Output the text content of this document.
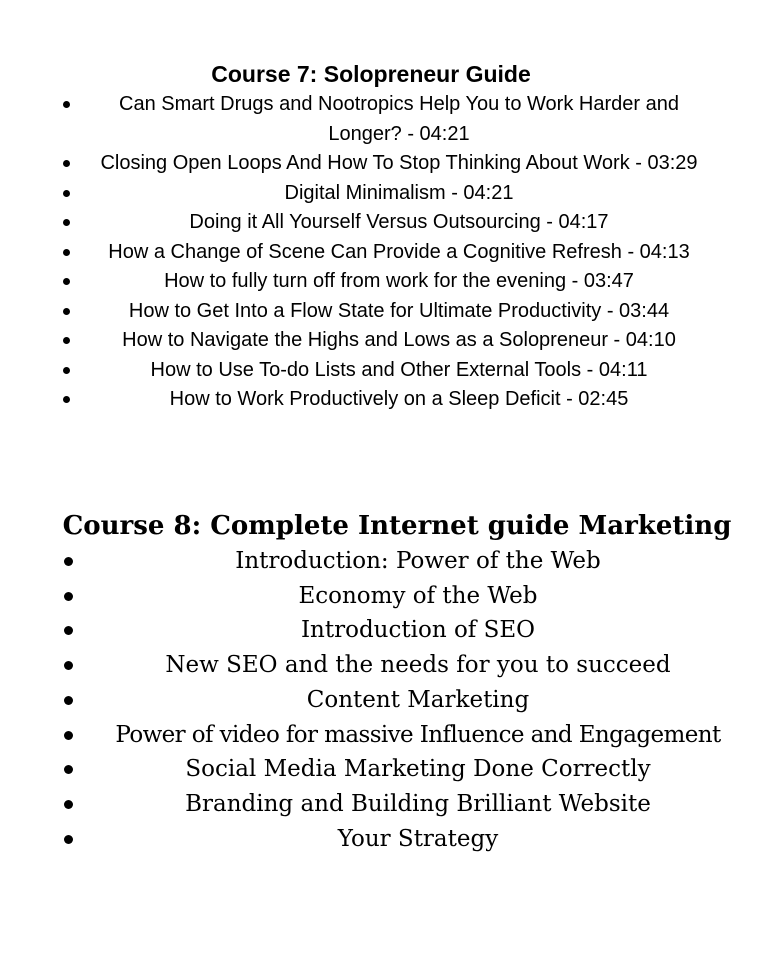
Course 7: Solopreneur Guide
Can Smart Drugs and Nootropics Help You to Work Harder and Longer? - 04:21
Closing Open Loops And How To Stop Thinking About Work - 03:29
Digital Minimalism - 04:21
Doing it All Yourself Versus Outsourcing - 04:17
How a Change of Scene Can Provide a Cognitive Refresh - 04:13
How to fully turn off from work for the evening - 03:47
How to Get Into a Flow State for Ultimate Productivity - 03:44
How to Navigate the Highs and Lows as a Solopreneur - 04:10
How to Use To-do Lists and Other External Tools - 04:11
How to Work Productively on a Sleep Deficit - 02:45
Course 8: Complete Internet guide Marketing
Introduction: Power of the Web
Economy of the Web
Introduction of SEO
New SEO and the needs for you to succeed
Content Marketing
Power of video for massive Influence and Engagement
Social Media Marketing Done Correctly
Branding and Building Brilliant Website
Your Strategy
